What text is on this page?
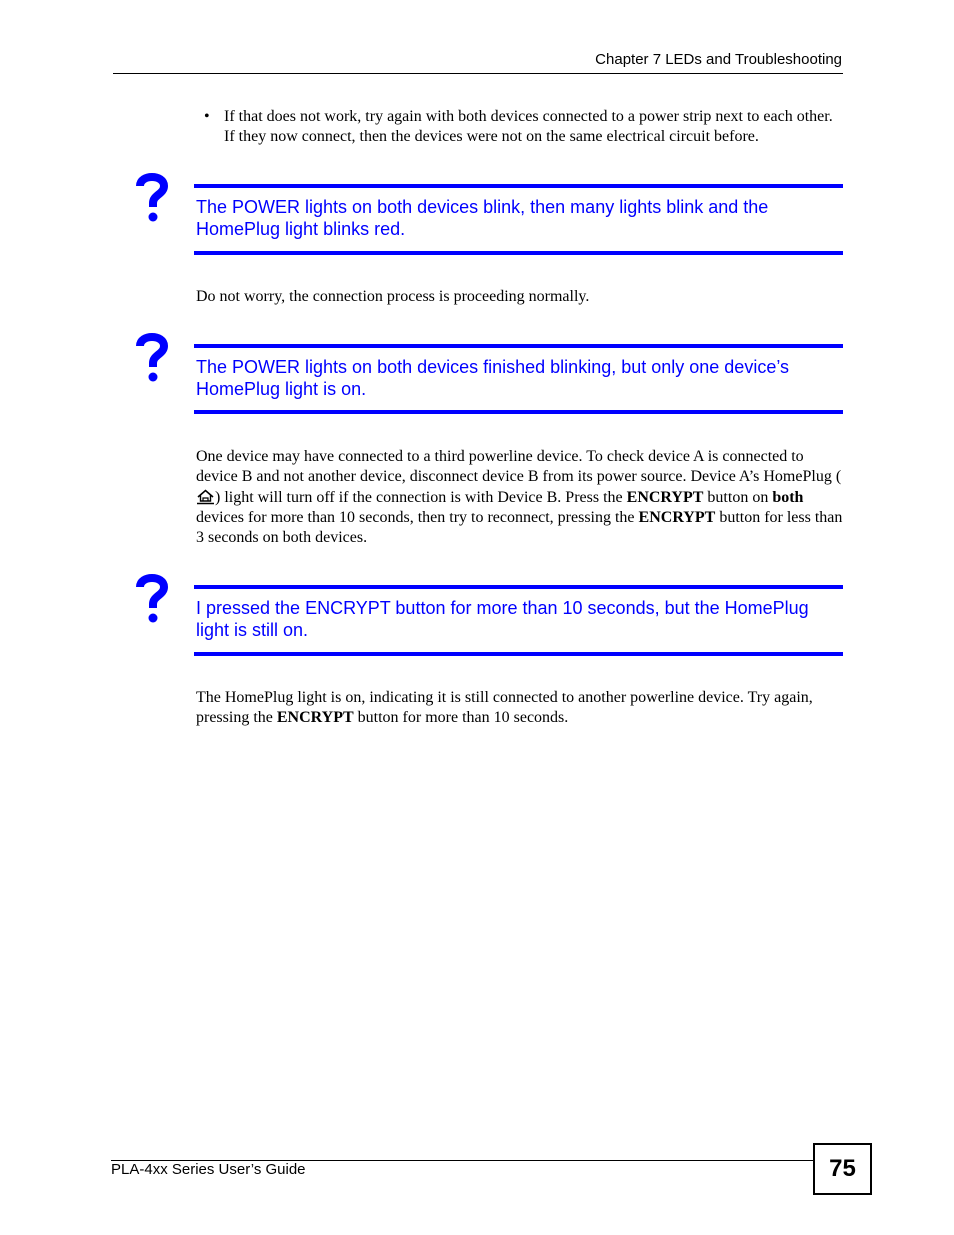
Chapter 7 LEDs and Troubleshooting
• If that does not work, try again with both devices connected to a power strip next to each other. If they now connect, then the devices were not on the same electrical circuit before.
The POWER lights on both devices blink, then many lights blink and the HomePlug light blinks red.
Do not worry, the connection process is proceeding normally.
The POWER lights on both devices finished blinking, but only one device’s HomePlug light is on.
One device may have connected to a third powerline device. To check device A is connected to device B and not another device, disconnect device B from its power source. Device A’s HomePlug () light will turn off if the connection is with Device B. Press the ENCRYPT button on both devices for more than 10 seconds, then try to reconnect, pressing the ENCRYPT button for less than 3 seconds on both devices.
I pressed the ENCRYPT button for more than 10 seconds, but the HomePlug light is still on.
The HomePlug light is on, indicating it is still connected to another powerline device. Try again, pressing the ENCRYPT button for more than 10 seconds.
PLA-4xx Series User’s Guide	75
